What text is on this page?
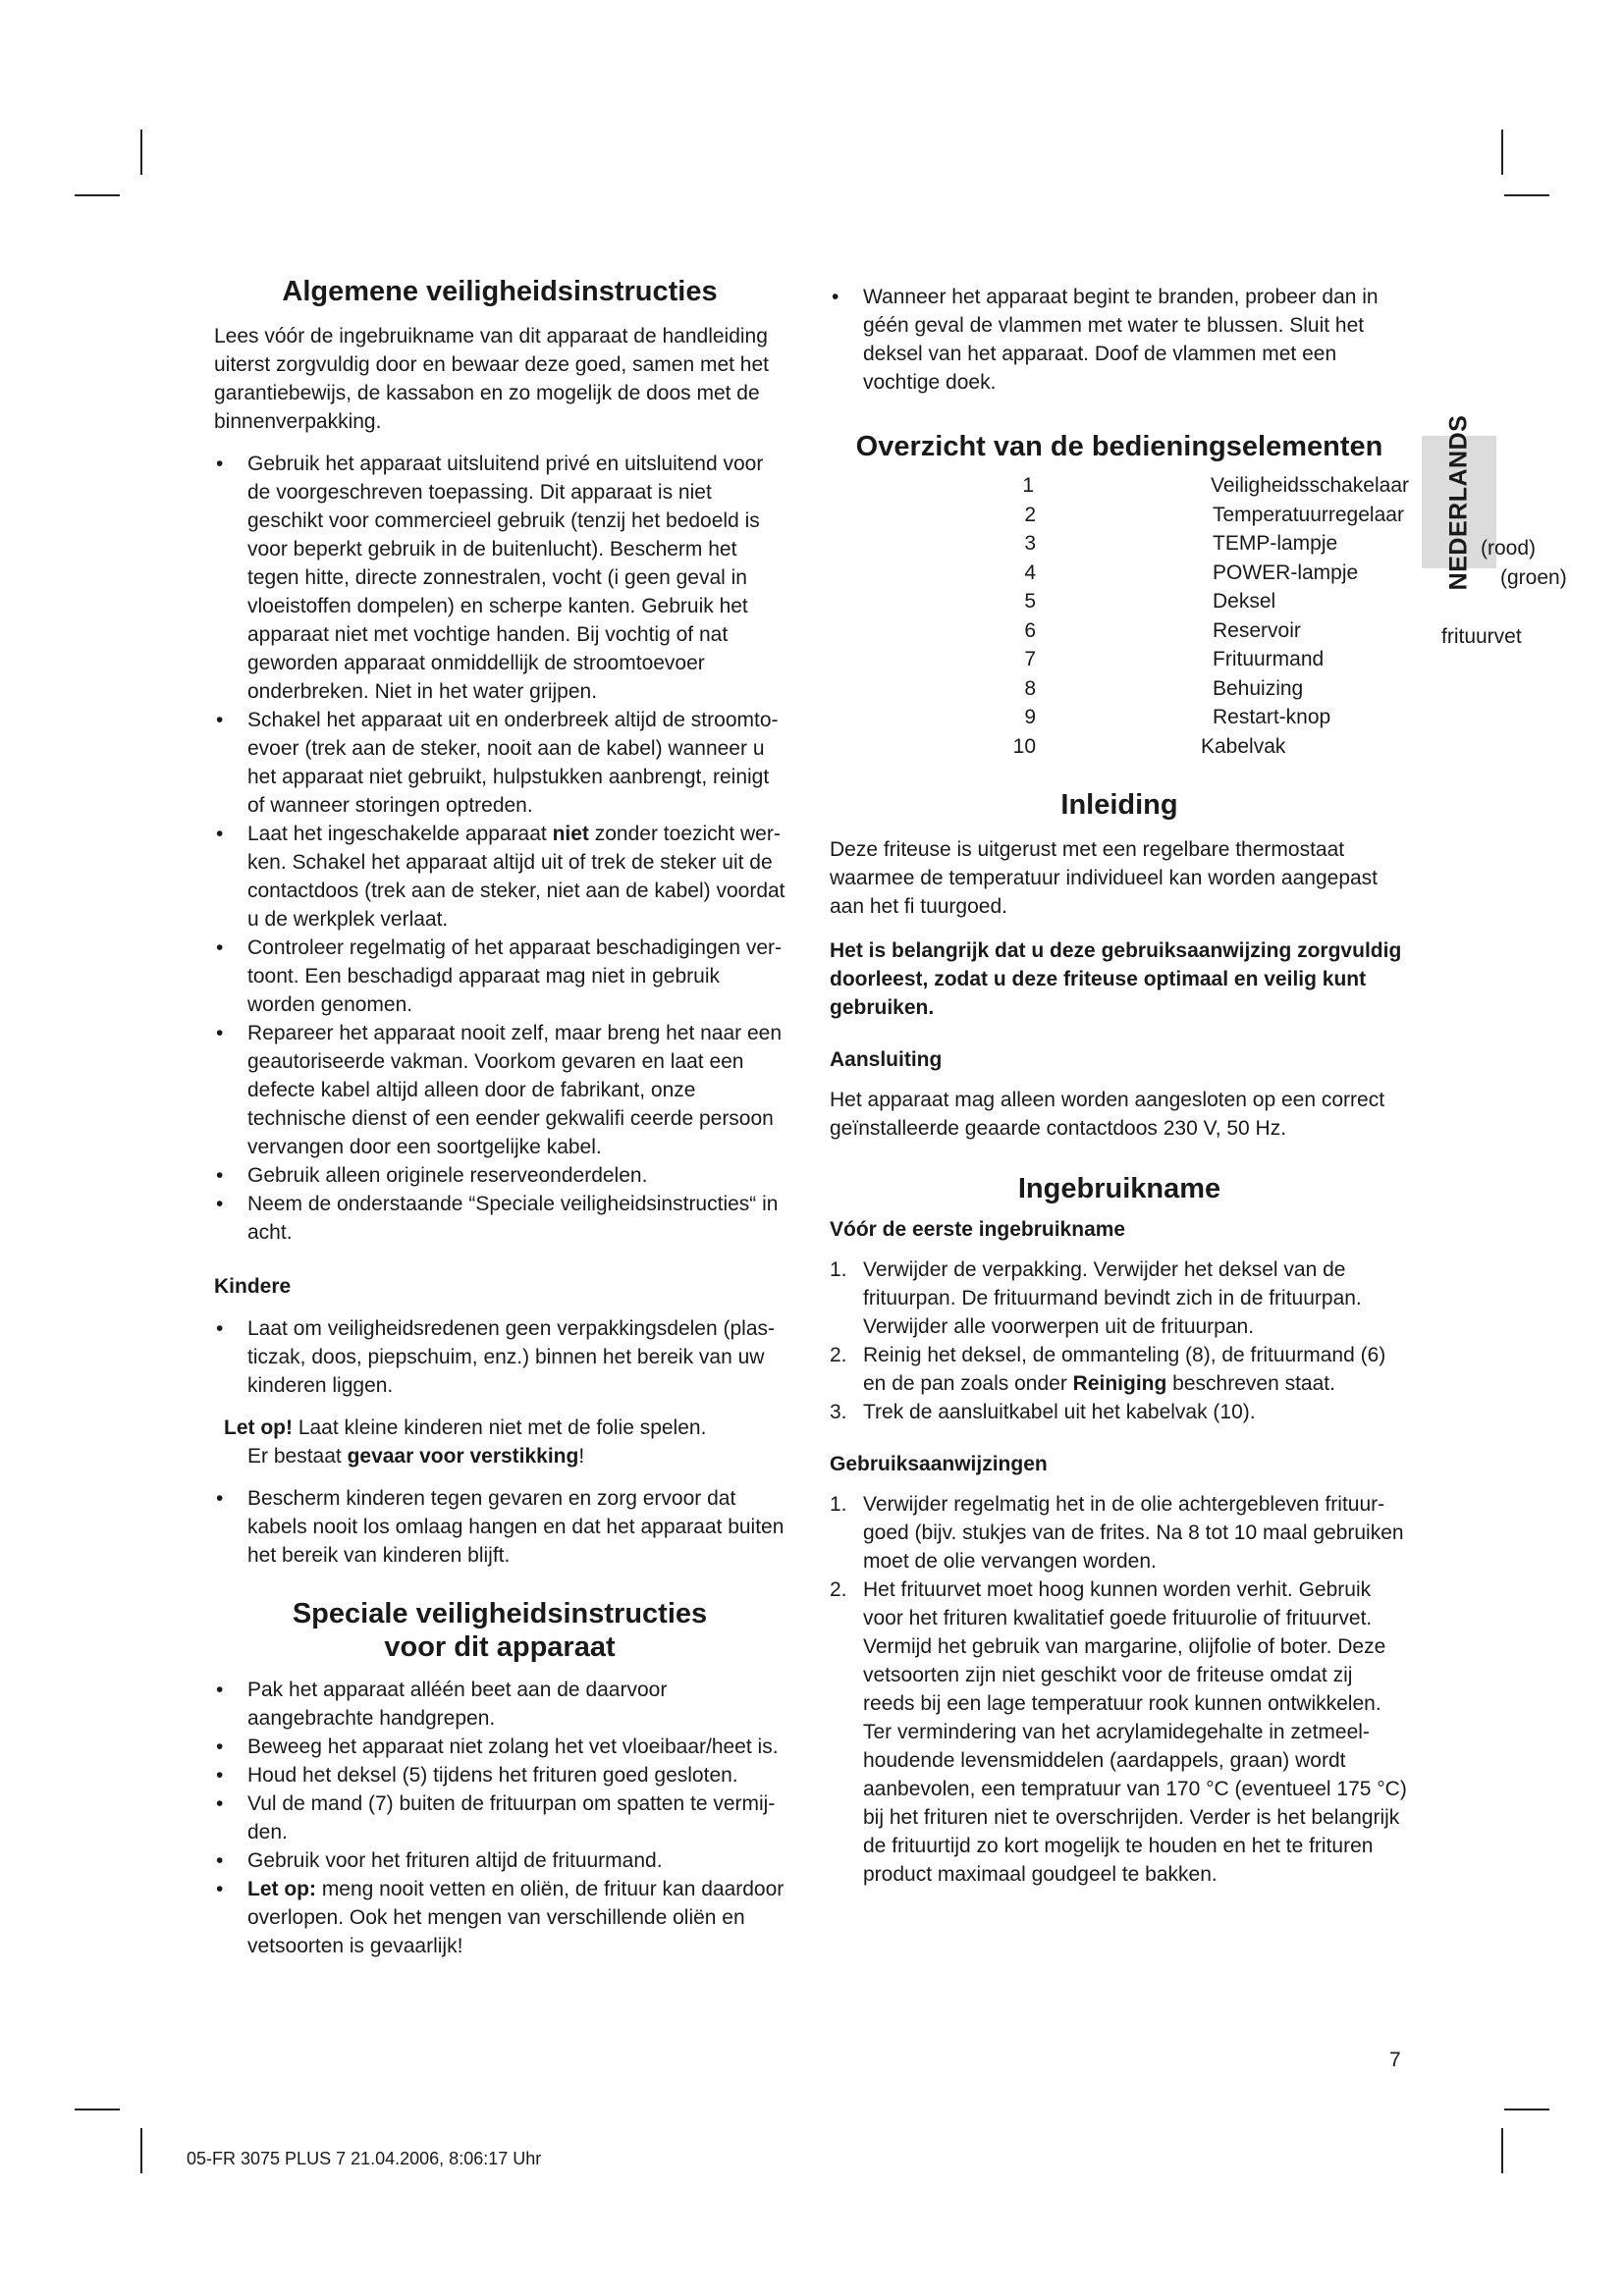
Algemene veiligheidsinstructies

Lees vóór de ingebruikname van dit apparaat de handleiding uiterst zorgvuldig door en bewaar deze goed, samen met het garantiebewijs, de kassabon en zo mogelijk de doos met de binnenverpakking.

• Gebruik het apparaat uitsluitend privé en uitsluitend voor de voorgeschreven toepassing. Dit apparaat is niet geschikt voor commercieel gebruik (tenzij het bedoeld is voor beperkt gebruik in de buitenlucht). Bescherm het tegen hitte, directe zonnestralen, vocht (i geen geval in vloeistoffen dompelen) en scherpe kanten. Gebruik het apparaat niet met vochtige handen. Bij vochtig of nat geworden apparaat onmiddellijk de stroomtoevoer onderbreken. Niet in het water grijpen.
• Schakel het apparaat uit en onderbreek altijd de stroomtoevoer (trek aan de steker, nooit aan de kabel) wanneer u het apparaat niet gebruikt, hulpstukken aanbrengt, reinigt of wanneer storingen optreden.
• Laat het ingeschakelde apparaat niet zonder toezicht werken. Schakel het apparaat altijd uit of trek de steker uit de contactdoos (trek aan de steker, niet aan de kabel) voordat u de werkplek verlaat.
• Controleer regelmatig of het apparaat beschadigingen vertoont. Een beschadigd apparaat mag niet in gebruik worden genomen.
• Repareer het apparaat nooit zelf, maar breng het naar een geautoriseerde vakman. Voorkom gevaren en laat een defecte kabel altijd alleen door de fabrikant, onze technische dienst of een eender gekwalifi ceerde persoon vervangen door een soortgelijke kabel.
• Gebruik alleen originele reserveonderdelen.
• Neem de onderstaande “Speciale veiligheidsinstructies“ in acht.
Kindere
• Laat om veiligheidsredenen geen verpakkingsdelen (plasticzak, doos, piepschuim, enz.) binnen het bereik van uw kinderen liggen.
Let op! Laat kleine kinderen niet met de folie spelen.
Er bestaat gevaar voor verstikking!
• Bescherm kinderen tegen gevaren en zorg ervoor dat kabels nooit los omlaag hangen en dat het apparaat buiten het bereik van kinderen blijft.
Speciale veiligheidsinstructies
voor dit apparaat
• Pak het apparaat alléén beet aan de daarvoor aangebrachte handgrepen.
• Beweeg het apparaat niet zolang het vet vloeibaar/heet is.
• Houd het deksel (5) tijdens het frituren goed gesloten.
• Vul de mand (7) buiten de frituurpan om spatten te vermijden.
• Gebruik voor het frituren altijd de frituurmand.
• Let op: meng nooit vetten en oliën, de frituur kan daardoor overlopen. Ook het mengen van verschillende oliën en vetsoorten is gevaarlijk!
• Wanneer het apparaat begint te branden, probeer dan in géén geval de vlammen met water te blussen. Sluit het deksel van het apparaat. Doof de vlammen met een vochtige doek.
Overzicht van de bedieningselementen
1	Veiligheidsschakelaar
2	Temperatuurregelaar
3	TEMP-lampje
4	POWER-lampje
5	Deksel
6	Reservoir
7	Frituurmand
8	Behuizing
9	Restart-knop
10	Kabelvak
Inleiding

Deze friteuse is uitgerust met een regelbare thermostaat waarmee de temperatuur individueel kan worden aangepast aan het fi tuurgoed.

Het is belangrijk dat u deze gebruiksaanwijzing zorgvuldig doorleest, zodat u deze friteuse optimaal en veilig kunt gebruiken.

Aansluiting

Het apparaat mag alleen worden aangesloten op een correct geïnstalleerde geaarde contactdoos 230 V, 50 Hz.

Ingebruikname
Vóór de eerste ingebruikname
1. Verwijder de verpakking. Verwijder het deksel van de frituurpan. De frituurmand bevindt zich in de frituurpan. Verwijder alle voorwerpen uit de frituurpan.
2. Reinig het deksel, de ommanteling (8), de frituurmand (6) en de pan zoals onder Reiniging beschreven staat.
3. Trek de aansluitkabel uit het kabelvak (10).
Gebruiksaanwijzingen
1. Verwijder regelmatig het in de olie achtergebleven frituurgoed (bijv. stukjes van de frites. Na 8 tot 10 maal gebruiken moet de olie vervangen worden.
2. Het frituurvet moet hoog kunnen worden verhit. Gebruik voor het frituren kwalitatief goede frituurolie of frituurvet. Vermijd het gebruik van margarine, olijfolie of boter. Deze vetsoorten zijn niet geschikt voor de friteuse omdat zij reeds bij een lage temperatuur rook kunnen ontwikkelen.
Ter vermindering van het acrylamidegehalte in zetmeelhoudende levensmiddelen (aardappels, graan) wordt aanbevolen, een tempratuur van 170 °C (eventueel 175 °C) bij het frituren niet te overschrijden. Verder is het belangrijk de frituurtijd zo kort mogelijk te houden en het te frituren product maximaal goudgeel te bakken.
NEDERLANDS (rood)
(groen)
frituurvet
7
05-FR 3075 PLUS 7 21.04.2006, 8:06:17 Uhr
